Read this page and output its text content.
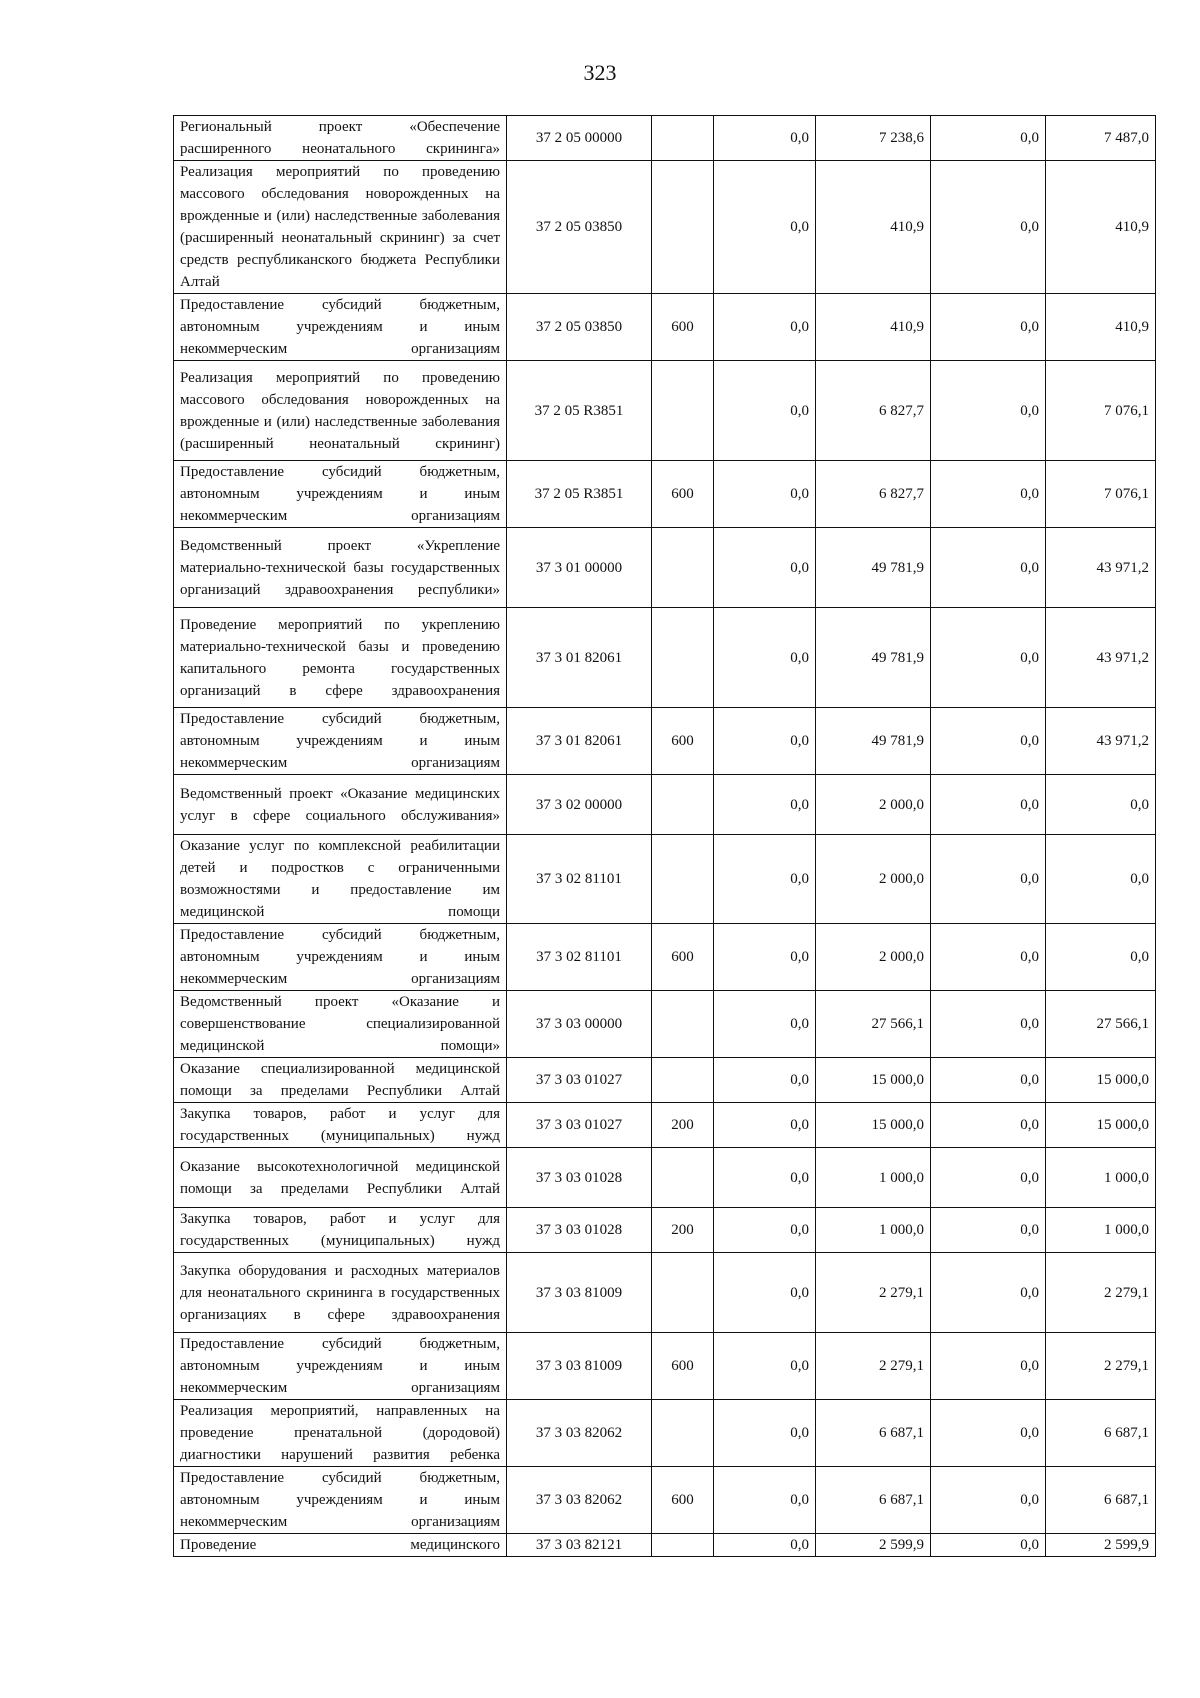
323
Региональный проект «Обеспечение расширенного неонатального скрининга»	37 2 05 00000		0,0	7 238,6	0,0	7 487,0
Реализация мероприятий по проведению массового обследования новорожденных на врожденные и (или) наследственные заболевания (расширенный неонатальный скрининг) за счет средств республиканского бюджета Республики Алтай	37 2 05 03850		0,0	410,9	0,0	410,9
Предоставление субсидий бюджетным, автономным учреждениям и иным некоммерческим организациям	37 2 05 03850	600	0,0	410,9	0,0	410,9
Реализация мероприятий по проведению массового обследования новорожденных на врожденные и (или) наследственные заболевания (расширенный неонатальный скрининг)	37 2 05 R3851		0,0	6 827,7	0,0	7 076,1
Предоставление субсидий бюджетным, автономным учреждениям и иным некоммерческим организациям	37 2 05 R3851	600	0,0	6 827,7	0,0	7 076,1
Ведомственный проект «Укрепление материально-технической базы государственных организаций здравоохранения республики»	37 3 01 00000		0,0	49 781,9	0,0	43 971,2
Проведение мероприятий по укреплению материально-технической базы и проведению капитального ремонта государственных организаций в сфере здравоохранения	37 3 01 82061		0,0	49 781,9	0,0	43 971,2
Предоставление субсидий бюджетным, автономным учреждениям и иным некоммерческим организациям	37 3 01 82061	600	0,0	49 781,9	0,0	43 971,2
Ведомственный проект «Оказание медицинских услуг в сфере социального обслуживания»	37 3 02 00000		0,0	2 000,0	0,0	0,0
Оказание услуг по комплексной реабилитации детей и подростков с ограниченными возможностями и предоставление им медицинской помощи	37 3 02 81101		0,0	2 000,0	0,0	0,0
Предоставление субсидий бюджетным, автономным учреждениям и иным некоммерческим организациям	37 3 02 81101	600	0,0	2 000,0	0,0	0,0
Ведомственный проект «Оказание и совершенствование специализированной медицинской помощи»	37 3 03 00000		0,0	27 566,1	0,0	27 566,1
Оказание специализированной медицинской помощи за пределами Республики Алтай	37 3 03 01027		0,0	15 000,0	0,0	15 000,0
Закупка товаров, работ и услуг для государственных (муниципальных) нужд	37 3 03 01027	200	0,0	15 000,0	0,0	15 000,0
Оказание высокотехнологичной медицинской помощи за пределами Республики Алтай	37 3 03 01028		0,0	1 000,0	0,0	1 000,0
Закупка товаров, работ и услуг для государственных (муниципальных) нужд	37 3 03 01028	200	0,0	1 000,0	0,0	1 000,0
Закупка оборудования и расходных материалов для неонатального скрининга в государственных организациях в сфере здравоохранения	37 3 03 81009		0,0	2 279,1	0,0	2 279,1
Предоставление субсидий бюджетным, автономным учреждениям и иным некоммерческим организациям	37 3 03 81009	600	0,0	2 279,1	0,0	2 279,1
Реализация мероприятий, направленных на проведение пренатальной (дородовой) диагностики нарушений развития ребенка	37 3 03 82062		0,0	6 687,1	0,0	6 687,1
Предоставление субсидий бюджетным, автономным учреждениям и иным некоммерческим организациям	37 3 03 82062	600	0,0	6 687,1	0,0	6 687,1
Проведение медицинского	37 3 03 82121		0,0	2 599,9	0,0	2 599,9
